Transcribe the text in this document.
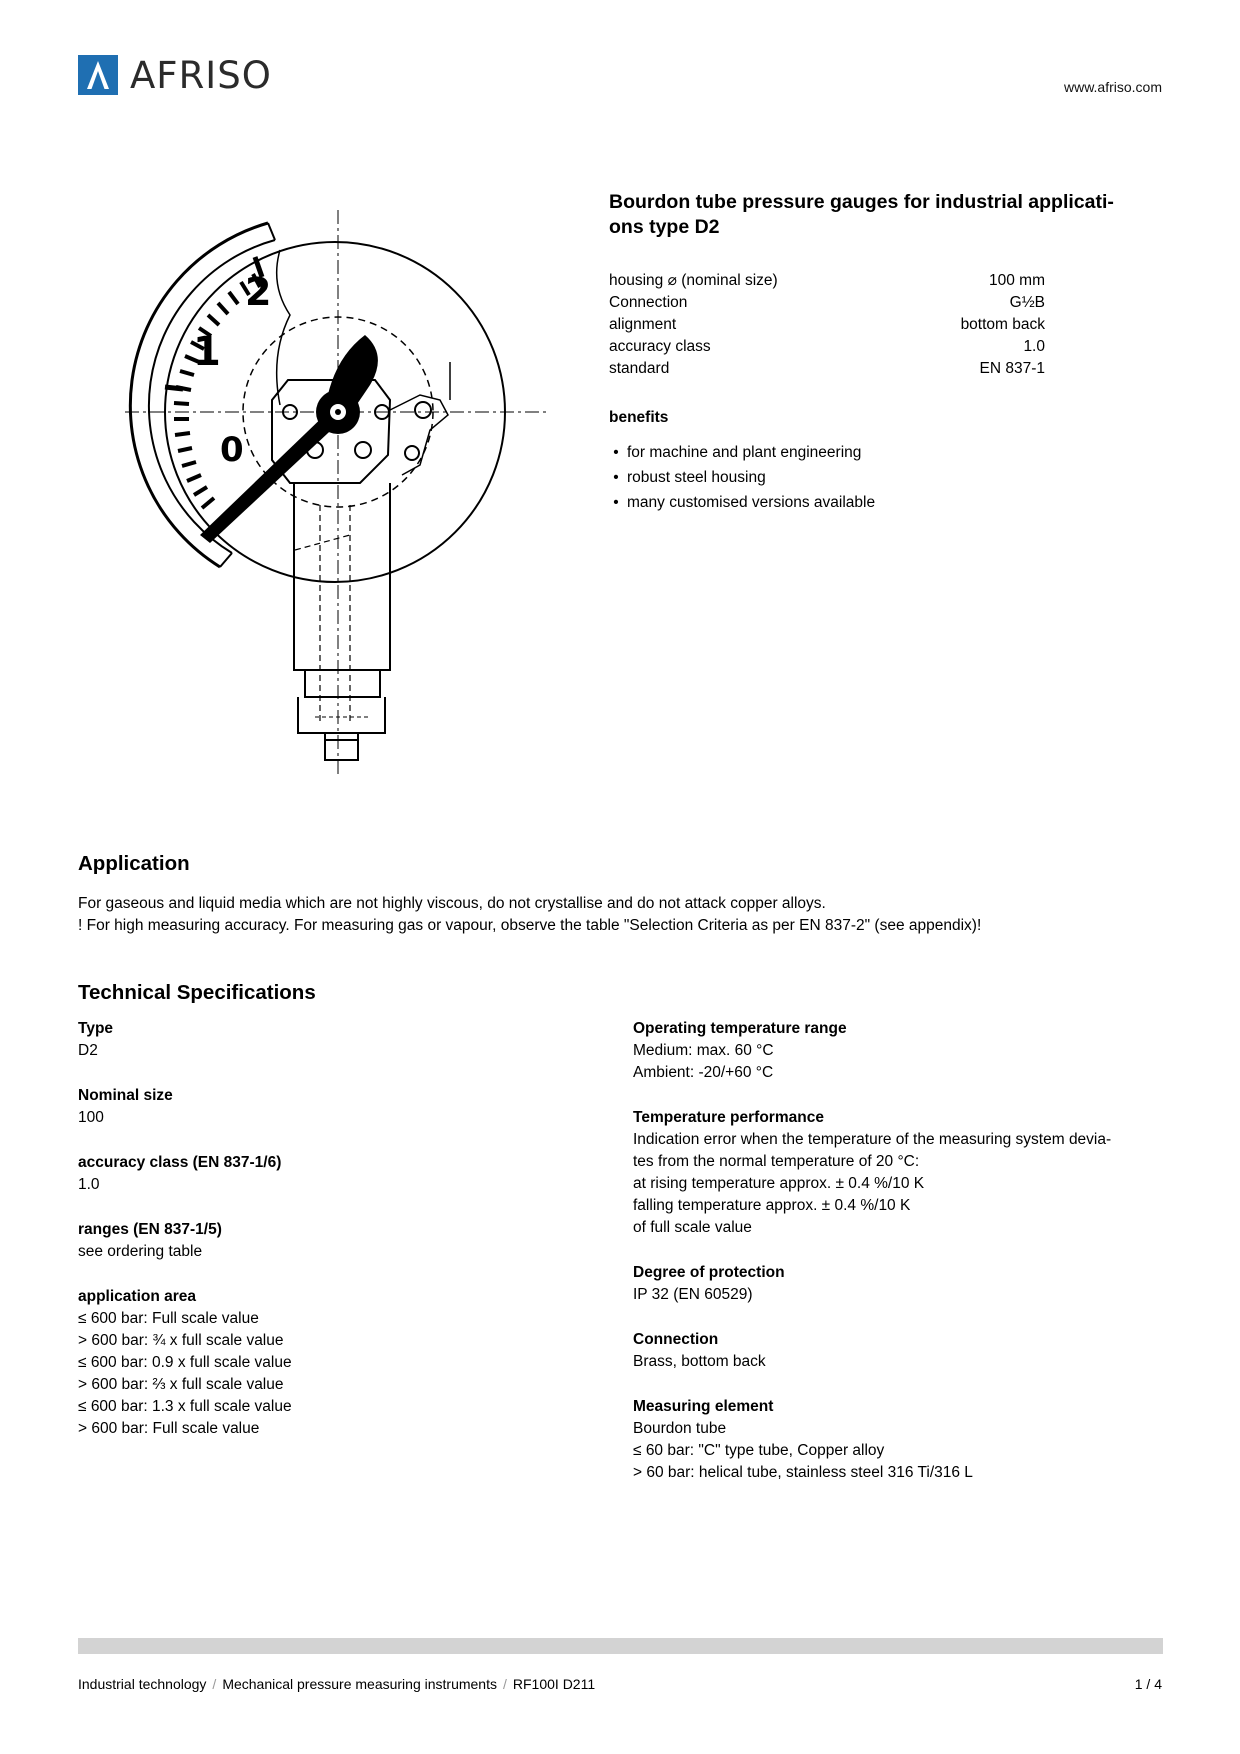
AFRISO	www.afriso.com
0
1
2
Bourdon tube pressure gauges for industrial applicati-
ons type D2
housing ⌀ (nominal size)	100 mm
Connection	G½B
alignment	bottom back
accuracy class	1.0
standard	EN 837-1
benefits
• for machine and plant engineering
• robust steel housing
• many customised versions available
Application
For gaseous and liquid media which are not highly viscous, do not crystallise and do not attack copper alloys.
! For high measuring accuracy. For measuring gas or vapour, observe the table "Selection Criteria as per EN 837-2" (see appendix)!
Technical Specifications
Type
D2
Nominal size
100
accuracy class (EN 837-1/6)
1.0
ranges (EN 837-1/5)
see ordering table
application area
≤ 600 bar: Full scale value
> 600 bar: ¾ x full scale value
≤ 600 bar: 0.9 x full scale value
> 600 bar: ⅔ x full scale value
≤ 600 bar: 1.3 x full scale value
> 600 bar: Full scale value
Operating temperature range
Medium: max. 60 °C
Ambient: -20/+60 °C
Temperature performance
Indication error when the temperature of the measuring system devia-
tes from the normal temperature of 20 °C:
at rising temperature approx. ± 0.4 %/10 K
falling temperature approx. ± 0.4 %/10 K
of full scale value
Degree of protection
IP 32 (EN 60529)
Connection
Brass, bottom back
Measuring element
Bourdon tube
≤ 60 bar: "C" type tube, Copper alloy
> 60 bar: helical tube, stainless steel 316 Ti/316 L
Industrial technology / Mechanical pressure measuring instruments / RF100I D211	1 / 4
